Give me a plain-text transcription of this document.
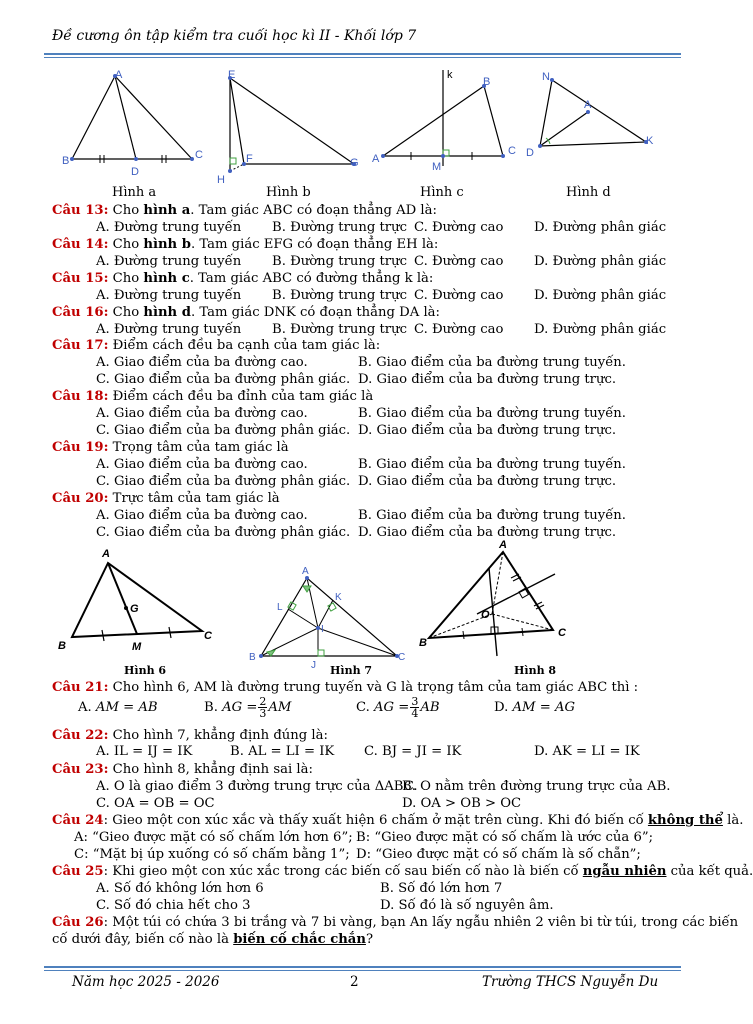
Đề cương ôn tập kiểm tra cuối học kì II - Khối lớp 7
A
B	C
D
Hình a
E
F	G
H
Hình b
k
B
A
C
M
Hình c
N
A
D
K
Hình d
Câu 13: Cho hình a. Tam giác ABC có đoạn thẳng AD là:
A. Đường trung tuyến B. Đường trung trực C. Đường cao D. Đường phân giác
Câu 14: Cho hình b. Tam giác EFG có đoạn thẳng EH là:
A. Đường trung tuyến B. Đường trung trực C. Đường cao D. Đường phân giác
Câu 15: Cho hình c. Tam giác ABC có đường thẳng k là:
A. Đường trung tuyến B. Đường trung trực C. Đường cao D. Đường phân giác
Câu 16: Cho hình d. Tam giác DNK có đoạn thẳng DA là:
A. Đường trung tuyến B. Đường trung trực C. Đường cao D. Đường phân giác
Câu 17: Điểm cách đều ba cạnh của tam giác là:
A. Giao điểm của ba đường cao.	B. Giao điểm của ba đường trung tuyến.
C. Giao điểm của ba đường phân giác. D. Giao điểm của ba đường trung trực.
Câu 18: Điểm cách đều ba đỉnh của tam giác là
A. Giao điểm của ba đường cao.	B. Giao điểm của ba đường trung tuyến.
C. Giao điểm của ba đường phân giác. D. Giao điểm của ba đường trung trực.
Câu 19: Trọng tâm của tam giác là
A. Giao điểm của ba đường cao.	B. Giao điểm của ba đường trung tuyến.
C. Giao điểm của ba đường phân giác. D. Giao điểm của ba đường trung trực.
Câu 20: Trực tâm của tam giác là
A. Giao điểm của ba đường cao.	B. Giao điểm của ba đường trung tuyến.
C. Giao điểm của ba đường phân giác. D. Giao điểm của ba đường trung trực.
A
B
C
G
M
Hình 6
A
B	C
K
L
I
J Hình 7
A
B
C
O
Hình 8
Câu 21: Cho hình 6, AM là đường trung tuyến và G là trọng tâm của tam giác ABC thì :
A. AM = AB	B. AG = $\frac{2}{3}$ AM	C. AG = $\frac{3}{4}$ AB	D. AM = AG
Câu 22: Cho hình 7, khẳng định đúng là:
A. IL = IJ = IK	B. AL = LI = IK C. BJ = JI = IK	D. AK = LI = IK
Câu 23: Cho hình 8, khẳng định sai là:
A. O là giao điểm 3 đường trung trực của ΔABC.
B. O nằm trên đường trung trực của AB.
C. OA = OB = OC	D. OA > OB > OC
Câu 24: Gieo một con xúc xắc và thấy xuất hiện 6 chấm ở mặt trên cùng. Khi đó biến cố không thể là.
A: “Gieo được mặt có số chấm lớn hơn 6”; B: “Gieo được mặt có số chấm là ước của 6”;
C: “Mặt bị úp xuống có số chấm bằng 1”; D: “Gieo được mặt có số chấm là số chẵn”;
Câu 25: Khi gieo một con xúc xắc trong các biến cố sau biến cố nào là biến cố ngẫu nhiên của kết quả.
A. Số đó không lớn hơn 6	B. Số đó lớn hơn 7
C. Số đó chia hết cho 3	D. Số đó là số nguyên âm.
Câu 26: Một túi có chứa 3 bi trắng và 7 bi vàng, bạn An lấy ngẫu nhiên 2 viên bi từ túi, trong các biến
cố dưới đây, biến cố nào là biến cố chắc chắn?
Năm học 2025 - 2026	2	Trường THCS Nguyễn Du
